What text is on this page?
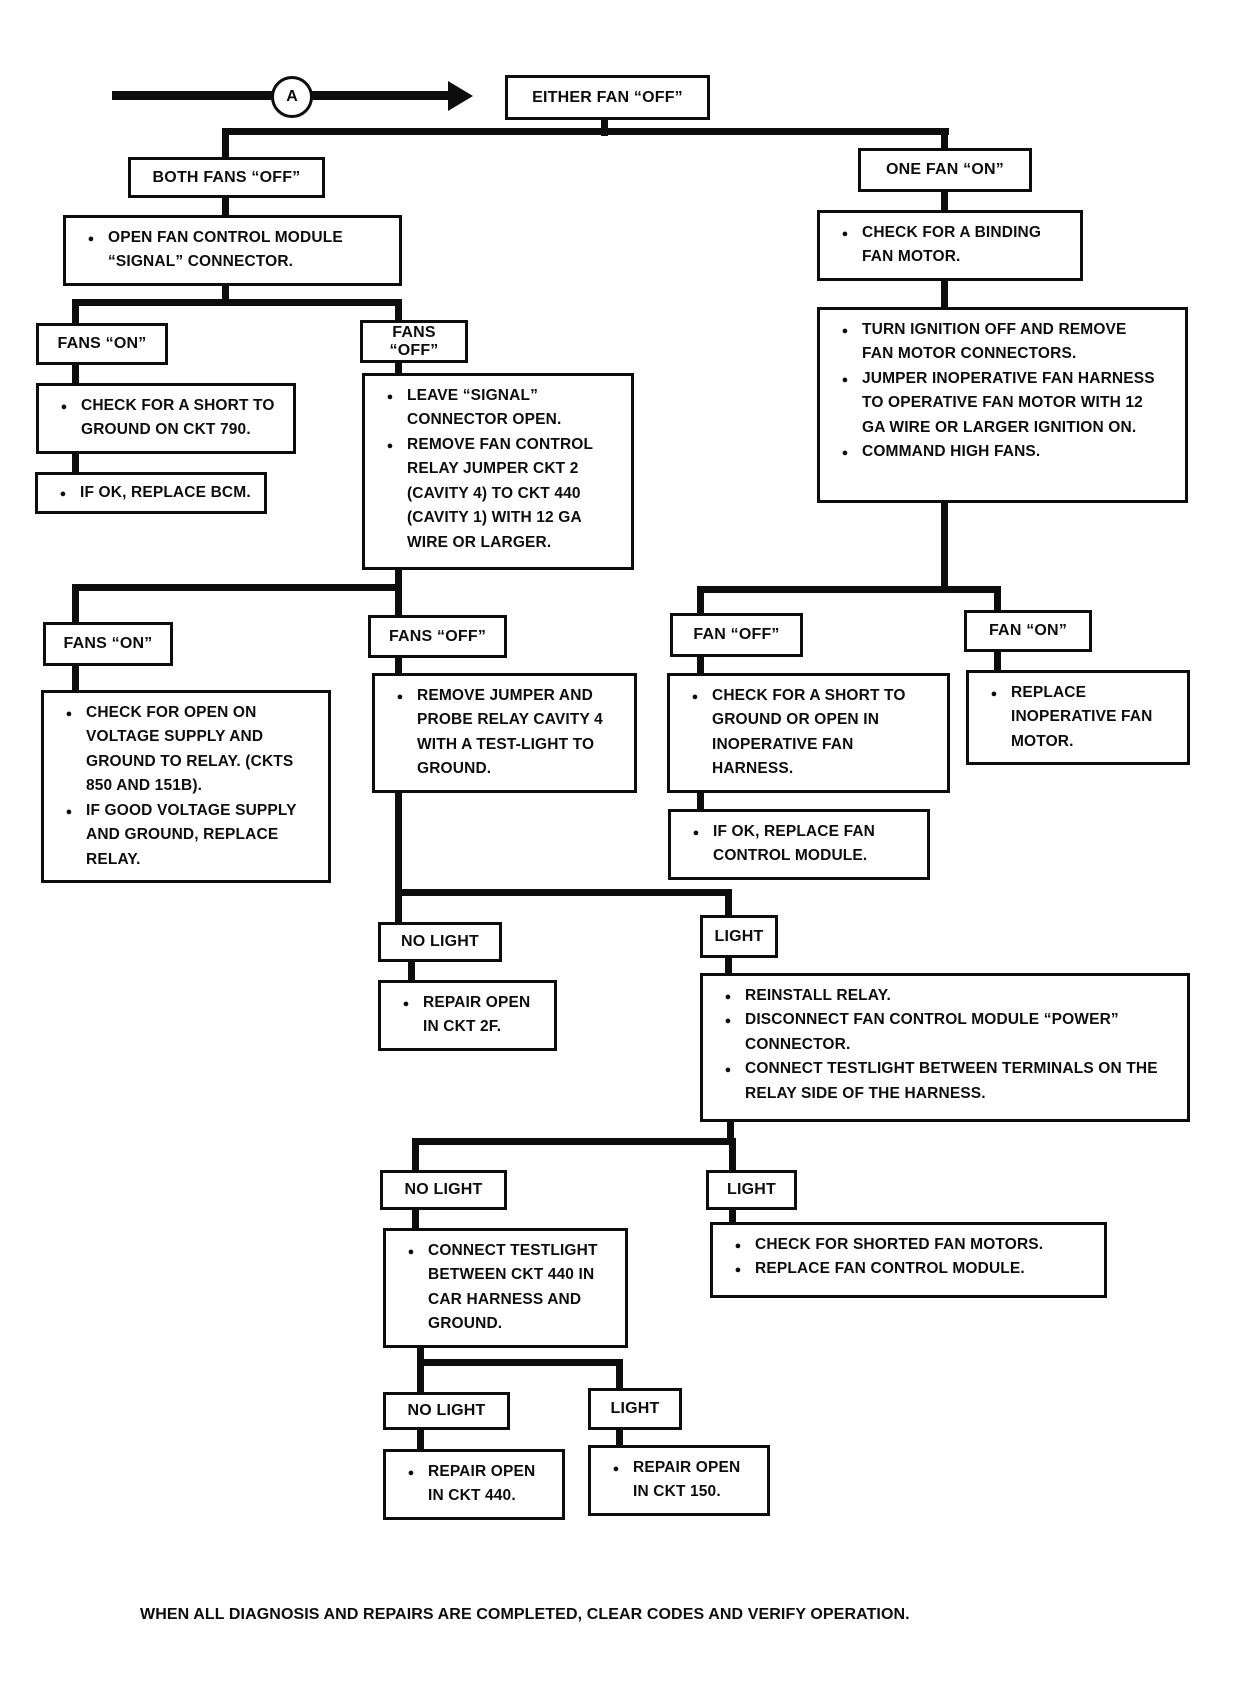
A	EITHER FAN “OFF”
BOTH FANS “OFF”	ONE FAN “ON”
FANS “ON”
FANS “OFF”
FANS “ON”	FANS “OFF”	FAN “OFF”	FAN “ON”
NO LIGHT	LIGHT
NO LIGHT	LIGHT
NO LIGHT	LIGHT
● OPEN FAN CONTROL MODULE “SIGNAL” CONNECTOR.
● CHECK FOR A BINDING FAN MOTOR.
● CHECK FOR A SHORT TO GROUND ON CKT 790.
● IF OK, REPLACE BCM.
● LEAVE “SIGNAL” CONNECTOR OPEN.
● REMOVE FAN CONTROL RELAY JUMPER CKT 2 (CAVITY 4) TO CKT 440 (CAVITY 1) WITH 12 GA WIRE OR LARGER.
● TURN IGNITION OFF AND REMOVE FAN MOTOR CONNECTORS.
● JUMPER INOPERATIVE FAN HARNESS TO OPERATIVE FAN MOTOR WITH 12 GA WIRE OR LARGER IGNITION ON.
● COMMAND HIGH FANS.
● CHECK FOR OPEN ON VOLTAGE SUPPLY AND GROUND TO RELAY. (CKTS 850 AND 151B).
● IF GOOD VOLTAGE SUPPLY AND GROUND, REPLACE RELAY.
● REMOVE JUMPER AND PROBE RELAY CAVITY 4 WITH A TEST-LIGHT TO GROUND.
● CHECK FOR A SHORT TO GROUND OR OPEN IN INOPERATIVE FAN HARNESS.
● IF OK, REPLACE FAN CONTROL MODULE.
● REPLACE INOPERATIVE FAN MOTOR.
● REPAIR OPEN IN CKT 2F.
● REINSTALL RELAY.
● DISCONNECT FAN CONTROL MODULE “POWER” CONNECTOR.
● CONNECT TESTLIGHT BETWEEN TERMINALS ON THE RELAY SIDE OF THE HARNESS.
● CONNECT TESTLIGHT BETWEEN CKT 440 IN CAR HARNESS AND GROUND.
● CHECK FOR SHORTED FAN MOTORS.
● REPLACE FAN CONTROL MODULE.
● REPAIR OPEN IN CKT 440.
● REPAIR OPEN IN CKT 150.
WHEN ALL DIAGNOSIS AND REPAIRS ARE COMPLETED, CLEAR CODES AND VERIFY OPERATION.
